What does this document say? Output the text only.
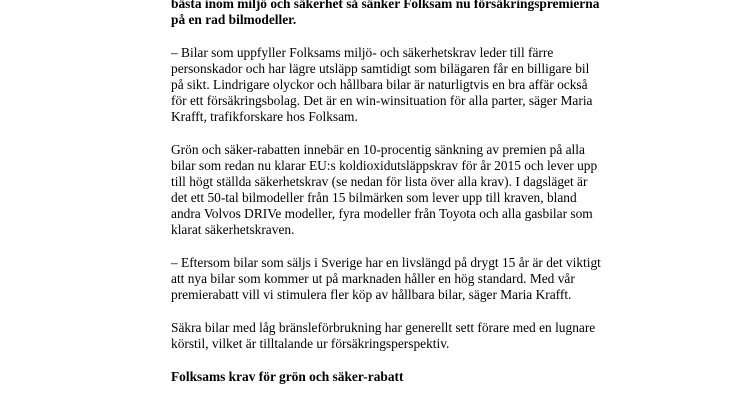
bästa inom miljö och säkerhet så sänker Folksam nu försäkringspremierna
på en rad bilmodeller.
– Bilar som uppfyller Folksams miljö- och säkerhetskrav leder till färre
personskador och har lägre utsläpp samtidigt som bilägaren får en billigare bil
på sikt. Lindrigare olyckor och hållbara bilar är naturligtvis en bra affär också
för ett försäkringsbolag. Det är en win-winsituation för alla parter, säger Maria
Krafft, trafikforskare hos Folksam.
Grön och säker-rabatten innebär en 10-procentig sänkning av premien på alla
bilar som redan nu klarar EU:s koldioxidutsläppskrav för år 2015 och lever upp
till högt ställda säkerhetskrav (se nedan för lista över alla krav). I dagsläget är
det ett 50-tal bilmodeller från 15 bilmärken som lever upp till kraven, bland
andra Volvos DRIVe modeller, fyra modeller från Toyota och alla gasbilar som
klarat säkerhetskraven.
– Eftersom bilar som säljs i Sverige har en livslängd på drygt 15 år är det viktigt
att nya bilar som kommer ut på marknaden håller en hög standard. Med vår
premierabatt vill vi stimulera fler köp av hållbara bilar, säger Maria Krafft.
Säkra bilar med låg bränsleförbrukning har generellt sett förare med en lugnare
körstil, vilket är tilltalande ur försäkringsperspektiv.
Folksams krav för grön och säker-rabatt
